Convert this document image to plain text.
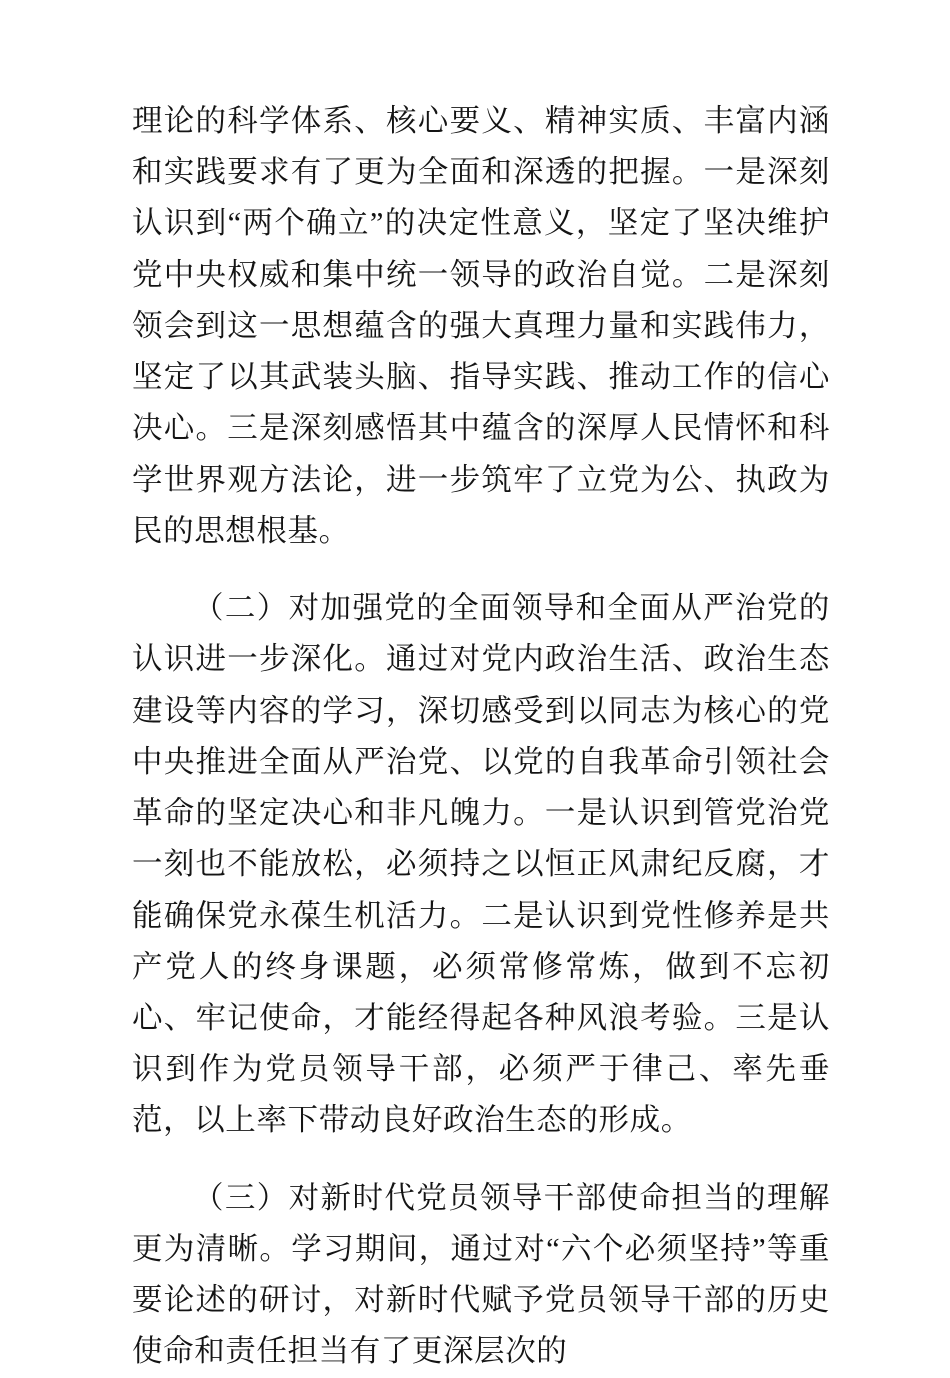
理论的科学体系、核心要义、精神实质、丰富内涵和实践要求有了更为全面和深透的把握。一是深刻认识到“两个确立”的决定性意义，坚定了坚决维护党中央权威和集中统一领导的政治自觉。二是深刻领会到这一思想蕴含的强大真理力量和实践伟力，坚定了以其武装头脑、指导实践、推动工作的信心决心。三是深刻感悟其中蕴含的深厚人民情怀和科学世界观方法论，进一步筑牢了立党为公、执政为民的思想根基。

（二）对加强党的全面领导和全面从严治党的认识进一步深化。通过对党内政治生活、政治生态建设等内容的学习，深切感受到以同志为核心的党中央推进全面从严治党、以党的自我革命引领社会革命的坚定决心和非凡魄力。一是认识到管党治党一刻也不能放松，必须持之以恒正风肃纪反腐，才能确保党永葆生机活力。二是认识到党性修养是共产党人的终身课题，必须常修常炼，做到不忘初心、牢记使命，才能经得起各种风浪考验。三是认识到作为党员领导干部，必须严于律己、率先垂范，以上率下带动良好政治生态的形成。

（三）对新时代党员领导干部使命担当的理解更为清晰。学习期间，通过对“六个必须坚持”等重要论述的研讨，对新时代赋予党员领导干部的历史使命和责任担当有了更深层次的
